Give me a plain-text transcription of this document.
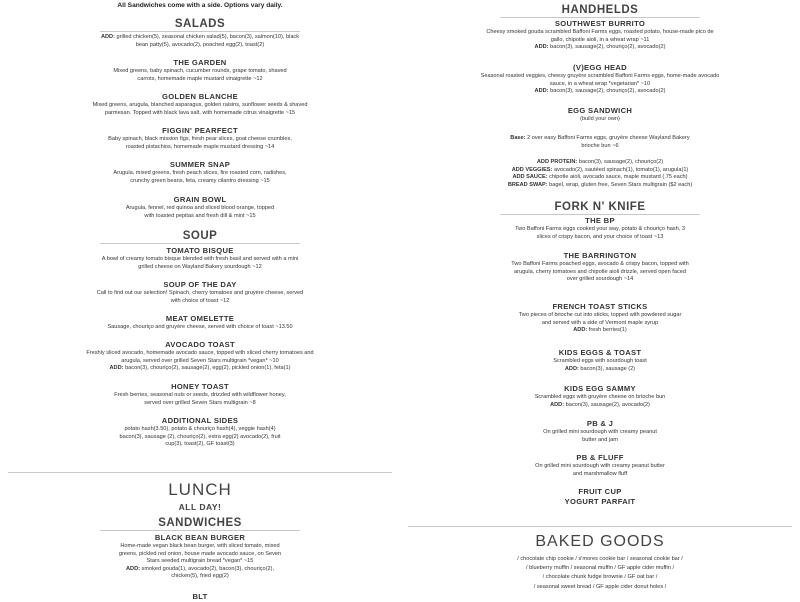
All Sandwiches come with a side. Options vary daily.
SALADS
ADD: grilled chicken(5), seasonal chicken salad(5), bacon(3), salmon(10), black bean patty(5), avocado(2), poached egg(2), toast(2)
THE GARDEN
Mixed greens, baby spinach, cucumber rounds, grape tomato, shaved carrots, homemade maple mustard vinaigrette ~12
GOLDEN BLANCHE
Mixed greens, arugula, blanched asparagus, golden raisins, sunflower seeds & shaved parmesan. Topped with black lava salt, with homemade citrus vinaigrette ~15
FIGGIN' PEARFECT
Baby spinach, black mission figs, fresh pear slices, goat cheese crumbles, roasted pistachios, homemade maple mustard dressing ~14
SUMMER SNAP
Arugula, mixed greens, fresh peach slices, fire roasted corn, radishes, crunchy green beans, feta, creamy cilantro dressing ~15
GRAIN BOWL
Arugula, fennel, red quinoa and sliced blood orange, topped with toasted pepitas and fresh dill & mint ~15
SOUP
TOMATO BISQUE
A bowl of creamy tomato bisque blended with fresh basil and served with a mini grilled cheese on Wayland Bakery sourdough ~12
SOUP OF THE DAY
Call to find out our selection! Spinach, cherry tomatoes and gruyère cheese, served with choice of toast ~12
MEAT OMELETTE
Sausage, chouriço and gruyère cheese, served with choice of toast ~13.50
AVOCADO TOAST
Freshly sliced avocado, homemade avocado sauce, topped with sliced cherry tomatoes and arugula, served over grilled Seven Stars multigrain *vegan* ~10
ADD: bacon(3), chouriço(2), sausage(2), egg(2), pickled onion(1), feta(1)
HONEY TOAST
Fresh berries, seasonal nuts or seeds, drizzled with wildflower honey, served over grilled Seven Stars multigrain ~8
ADDITIONAL SIDES
potato hash(3.50), potato & chouriço hash(4), veggie hash(4) bacon(3), sausage (2), chouriço(2), extra egg(2) avocado(2), fruit cup(3), toast(2), GF toast(3)
LUNCH
ALL DAY!
SANDWICHES
BLACK BEAN BURGER
Home-made vegan black bean burger, with sliced tomato, mixed greens, pickled red onion, house made avocado sauce, on Seven Stars seeded multigrain bread *vegan* ~15
ADD: smoked gouda(1), avocado(2), bacon(3), chouriço(2), chicken(5), fried egg(2)
BLT
HANDHELDS
SOUTHWEST BURRITO
Cheesy smoked gouda scrambled Baffoni Farms eggs, roasted potato, house-made pico de gallo, chipotle aioli, in a wheat wrap ~11
ADD: bacon(3), sausage(2), chouriço(2), avocado(2)
(V)EGG HEAD
Seasonal roasted veggies, cheesy gruyère scrambled Baffoni Farms eggs, home-made avocado sauce, in a wheat wrap *vegetarian* ~10
ADD: bacon(3), sausage(2), chouriço(2), avocado(2)
EGG SANDWICH
(build your own)
Base: 2 over easy Baffoni Farms eggs, gruyère cheese Wayland Bakery brioche bun ~6
ADD PROTEIN: bacon(3), sausage(2), chouriço(2)
ADD VEGGIES: avocado(2), sautéed spinach(1), tomato(1), arugula(1)
ADD SAUCE: chipotle aioli, avocado sauce, maple mustard (.75 each)
BREAD SWAP: bagel, wrap, gluten free, Seven Stars multigrain ($2 each)
FORK N' KNIFE
THE BP
Two Baffoni Farms eggs cooked your way, potato & chouriço hash, 3 slices of crispy bacon, and your choice of toast ~13
THE BARRINGTON
Two Baffoni Farms poached eggs, avocado & crispy bacon, topped with arugula, cherry tomatoes and chipotle aioli drizzle, served open faced over grilled sourdough ~14
FRENCH TOAST STICKS
Two pieces of brioche cut into sticks, topped with powdered sugar and served with a side of Vermont maple syrup
ADD: fresh berries(1)
KIDS EGGS & TOAST
Scrambled eggs with sourdough toast
ADD: bacon(3), sausage (2)
KIDS EGG SAMMY
Scrambled eggs with gruyère cheese on brioche bun
ADD: bacon(3), sausage(2), avocado(2)
PB & J
On grilled mini sourdough with creamy peanut butter and jam
PB & FLUFF
On grilled mini sourdough with creamy peanut butter and marshmallow fluff
FRUIT CUP
YOGURT PARFAIT
BAKED GOODS
/ chocolate chip cookie / s'mores cookie bar / seasonal cookie bar /
/ blueberry muffin / seasonal muffin / GF apple cider muffin /
/ chocolate chunk fudge brownie / GF oat bar /
/ seasonal sweet bread / GF apple cider donut holes /
